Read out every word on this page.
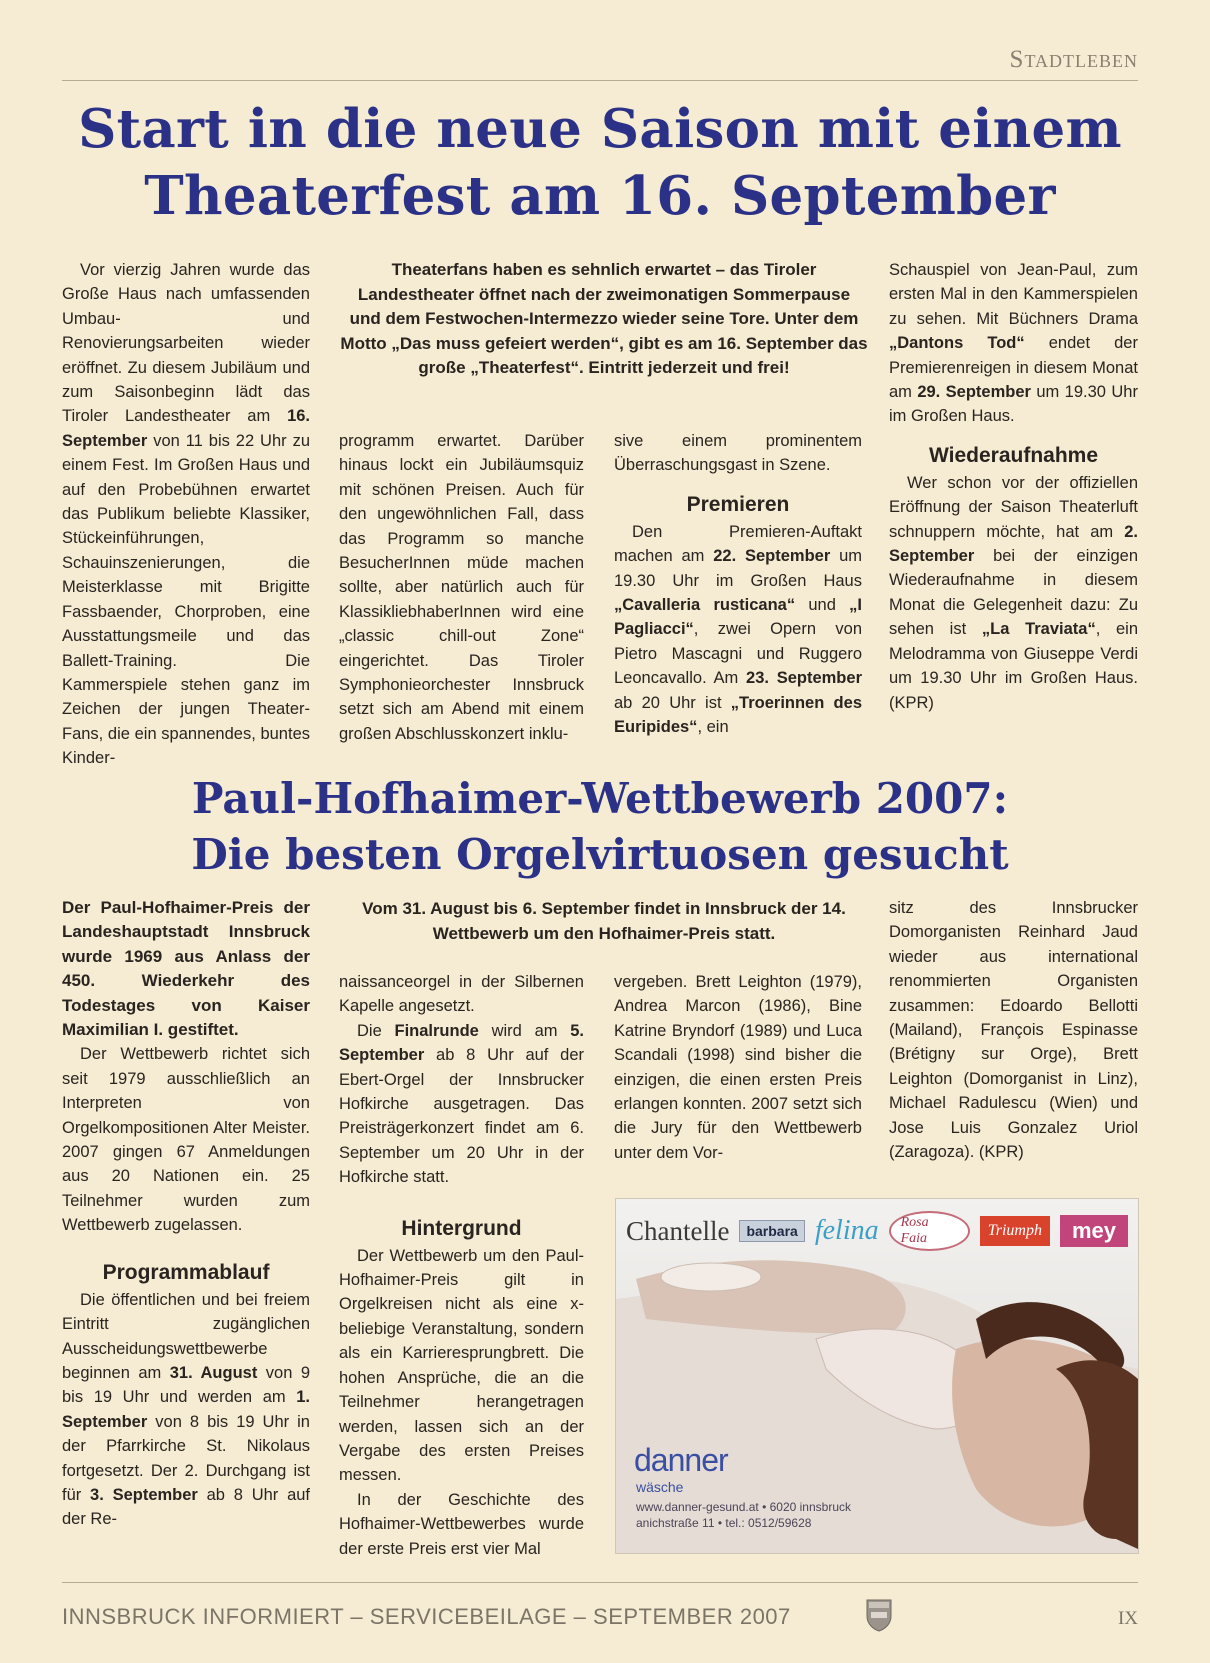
Stadtleben
Start in die neue Saison mit einem
Theaterfest am 16. September

Vor vierzig Jahren wurde das Große Haus nach umfassenden Umbau- und Renovierungsarbeiten wieder eröffnet. Zu diesem Jubiläum und zum Saisonbeginn lädt das Tiroler Landestheater am 16. September von 11 bis 22 Uhr zu einem Fest. Im Großen Haus und auf den Probebühnen erwartet das Publikum beliebte Klassiker, Stückeinführungen, Schauinszenierungen, die Meisterklasse mit Brigitte Fassbaender, Chorproben, eine Ausstattungsmeile und das Ballett-Training. Die Kammerspiele stehen ganz im Zeichen der jungen Theater-Fans, die ein spannendes, buntes Kinder-

Theaterfans haben es sehnlich erwartet – das Tiroler Landestheater öffnet nach der zweimonatigen Sommerpause und dem Festwochen-Intermezzo wieder seine Tore. Unter dem Motto „Das muss gefeiert werden“, gibt es am 16. September das große „Theaterfest“. Eintritt jederzeit und frei!

programm erwartet. Darüber hinaus lockt ein Jubiläumsquiz mit schönen Preisen. Auch für den ungewöhnlichen Fall, dass das Programm so manche BesucherInnen müde machen sollte, aber natürlich auch für KlassikliebhaberInnen wird eine „classic chill-out Zone“ eingerichtet. Das Tiroler Symphonieorchester Innsbruck setzt sich am Abend mit einem großen Abschlusskonzert inklu-

sive einem prominentem Überraschungsgast in Szene.

Premieren

Den Premieren-Auftakt machen am 22. September um 19.30 Uhr im Großen Haus „Cavalleria rusticana“ und „I Pagliacci“, zwei Opern von Pietro Mascagni und Ruggero Leoncavallo. Am 23. September ab 20 Uhr ist „Troerinnen des Euripides“, ein

Schauspiel von Jean-Paul, zum ersten Mal in den Kammerspielen zu sehen. Mit Büchners Drama „Dantons Tod“ endet der Premierenreigen in diesem Monat am 29. September um 19.30 Uhr im Großen Haus.

Wiederaufnahme

Wer schon vor der offiziellen Eröffnung der Saison Theaterluft schnuppern möchte, hat am 2. September bei der einzigen Wiederaufnahme in diesem Monat die Gelegenheit dazu: Zu sehen ist „La Traviata“, ein Melodramma von Giuseppe Verdi um 19.30 Uhr im Großen Haus. (KPR)

Paul-Hofhaimer-Wettbewerb 2007:
Die besten Orgelvirtuosen gesucht

Der Paul-Hofhaimer-Preis der Landeshauptstadt Innsbruck wurde 1969 aus Anlass der 450. Wiederkehr des Todestages von Kaiser Maximilian I. gestiftet.

Der Wettbewerb richtet sich seit 1979 ausschließlich an Interpreten von Orgelkompositionen Alter Meister. 2007 gingen 67 Anmeldungen aus 20 Nationen ein. 25 Teilnehmer wurden zum Wettbewerb zugelassen.

Programmablauf

Die öffentlichen und bei freiem Eintritt zugänglichen Ausscheidungswettbewerbe beginnen am 31. August von 9 bis 19 Uhr und werden am 1. September von 8 bis 19 Uhr in der Pfarrkirche St. Nikolaus fortgesetzt. Der 2. Durchgang ist für 3. September ab 8 Uhr auf der Re-

Vom 31. August bis 6. September findet in Innsbruck der 14. Wettbewerb um den Hofhaimer-Preis statt.

naissanceorgel in der Silbernen Kapelle angesetzt.

Die Finalrunde wird am 5. September ab 8 Uhr auf der Ebert-Orgel der Innsbrucker Hofkirche ausgetragen. Das Preisträgerkonzert findet am 6. September um 20 Uhr in der Hofkirche statt.

Hintergrund

Der Wettbewerb um den Paul-Hofhaimer-Preis gilt in Orgelkreisen nicht als eine x-beliebige Veranstaltung, sondern als ein Karrieresprungbrett. Die hohen Ansprüche, die an die Teilnehmer herangetragen werden, lassen sich an der Vergabe des ersten Preises messen.

In der Geschichte des Hofhaimer-Wettbewerbes wurde der erste Preis erst vier Mal

vergeben. Brett Leighton (1979), Andrea Marcon (1986), Bine Katrine Bryndorf (1989) und Luca Scandali (1998) sind bisher die einzigen, die einen ersten Preis erlangen konnten. 2007 setzt sich die Jury für den Wettbewerb unter dem Vor-

sitz des Innsbrucker Domorganisten Reinhard Jaud wieder aus international renommierten Organisten zusammen: Edoardo Bellotti (Mailand), François Espinasse (Brétigny sur Orge), Brett Leighton (Domorganist in Linz), Michael Radulescu (Wien) und Jose Luis Gonzalez Uriol (Zaragoza). (KPR)

Chantelle	barbara felina	Rosa Faia	Triumph	mey
danner
wäsche
www.danner-gesund.at • 6020 innsbruck
anichstraße 11 • tel.: 0512/59628
INNSBRUCK INFORMIERT – SERVICEBEILAGE – SEPTEMBER 2007	IX
